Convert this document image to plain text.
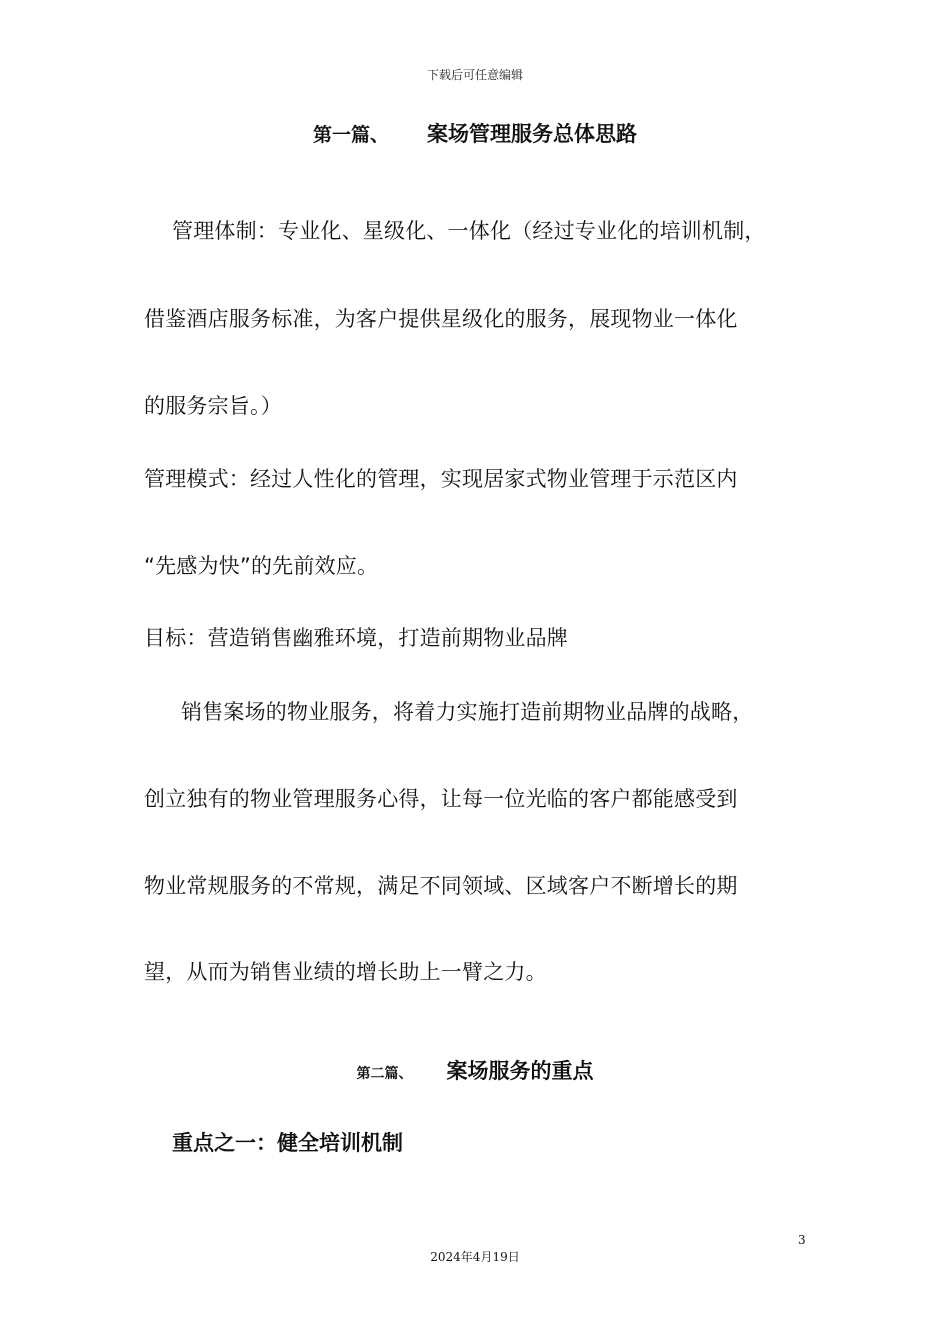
下载后可任意编辑
第一篇、 案场管理服务总体思路
管理体制：专业化、星级化、一体化（经过专业化的培训机制，
借鉴酒店服务标准，为客户提供星级化的服务，展现物业一体化
的服务宗旨。）
管理模式：经过人性化的管理，实现居家式物业管理于示范区内
“先感为快”的先前效应。
目标：营造销售幽雅环境，打造前期物业品牌
销售案场的物业服务，将着力实施打造前期物业品牌的战略，
创立独有的物业管理服务心得，让每一位光临的客户都能感受到
物业常规服务的不常规，满足不同领域、区域客户不断增长的期
望，从而为销售业绩的增长助上一臂之力。
第二篇、 案场服务的重点
重点之一：健全培训机制
3
2024年4月19日
